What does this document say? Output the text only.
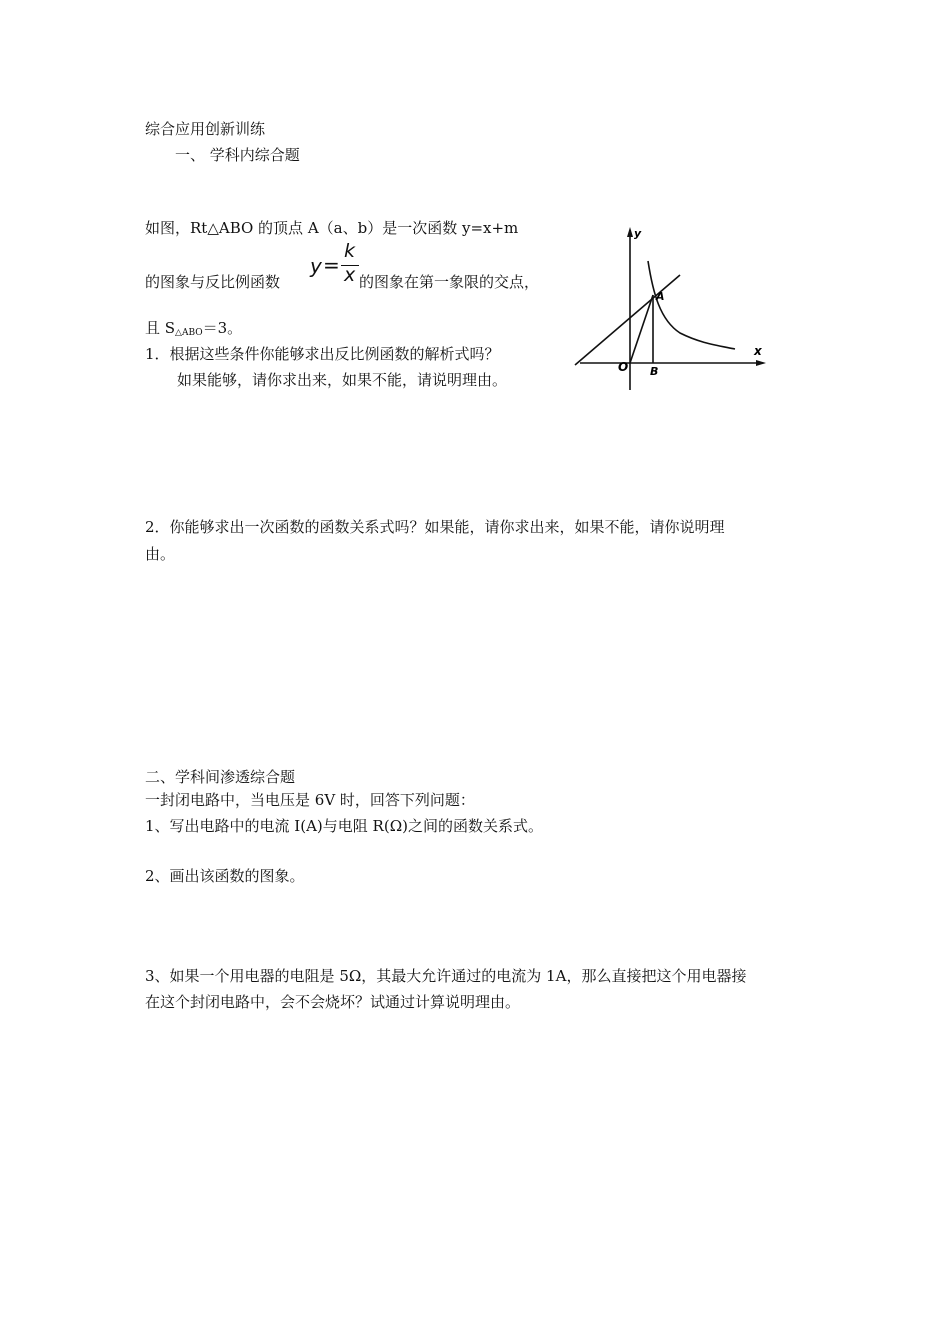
综合应用创新训练
一、 学科内综合题
如图，Rt△ABO 的顶点 A（a、b）是一次函数 y=x+m
的图象与反比例函数
y =
k
x 的图象在第一象限的交点，
且 $S_{\triangle ABO}=3$。
1．根据这些条件你能够求出反比例函数的解析式吗？
如果能够，请你求出来，如果不能，请说明理由。
y
x
O
A
B
2．你能够求出一次函数的函数关系式吗？如果能，请你求出来，如果不能，请你说明理
由。
二、学科间渗透综合题
一封闭电路中，当电压是 6V 时，回答下列问题：
1、写出电路中的电流 I(A)与电阻 R(Ω)之间的函数关系式。
2、画出该函数的图象。
3、如果一个用电器的电阻是 5Ω，其最大允许通过的电流为 1A，那么直接把这个用电器接
在这个封闭电路中，会不会烧坏？试通过计算说明理由。
